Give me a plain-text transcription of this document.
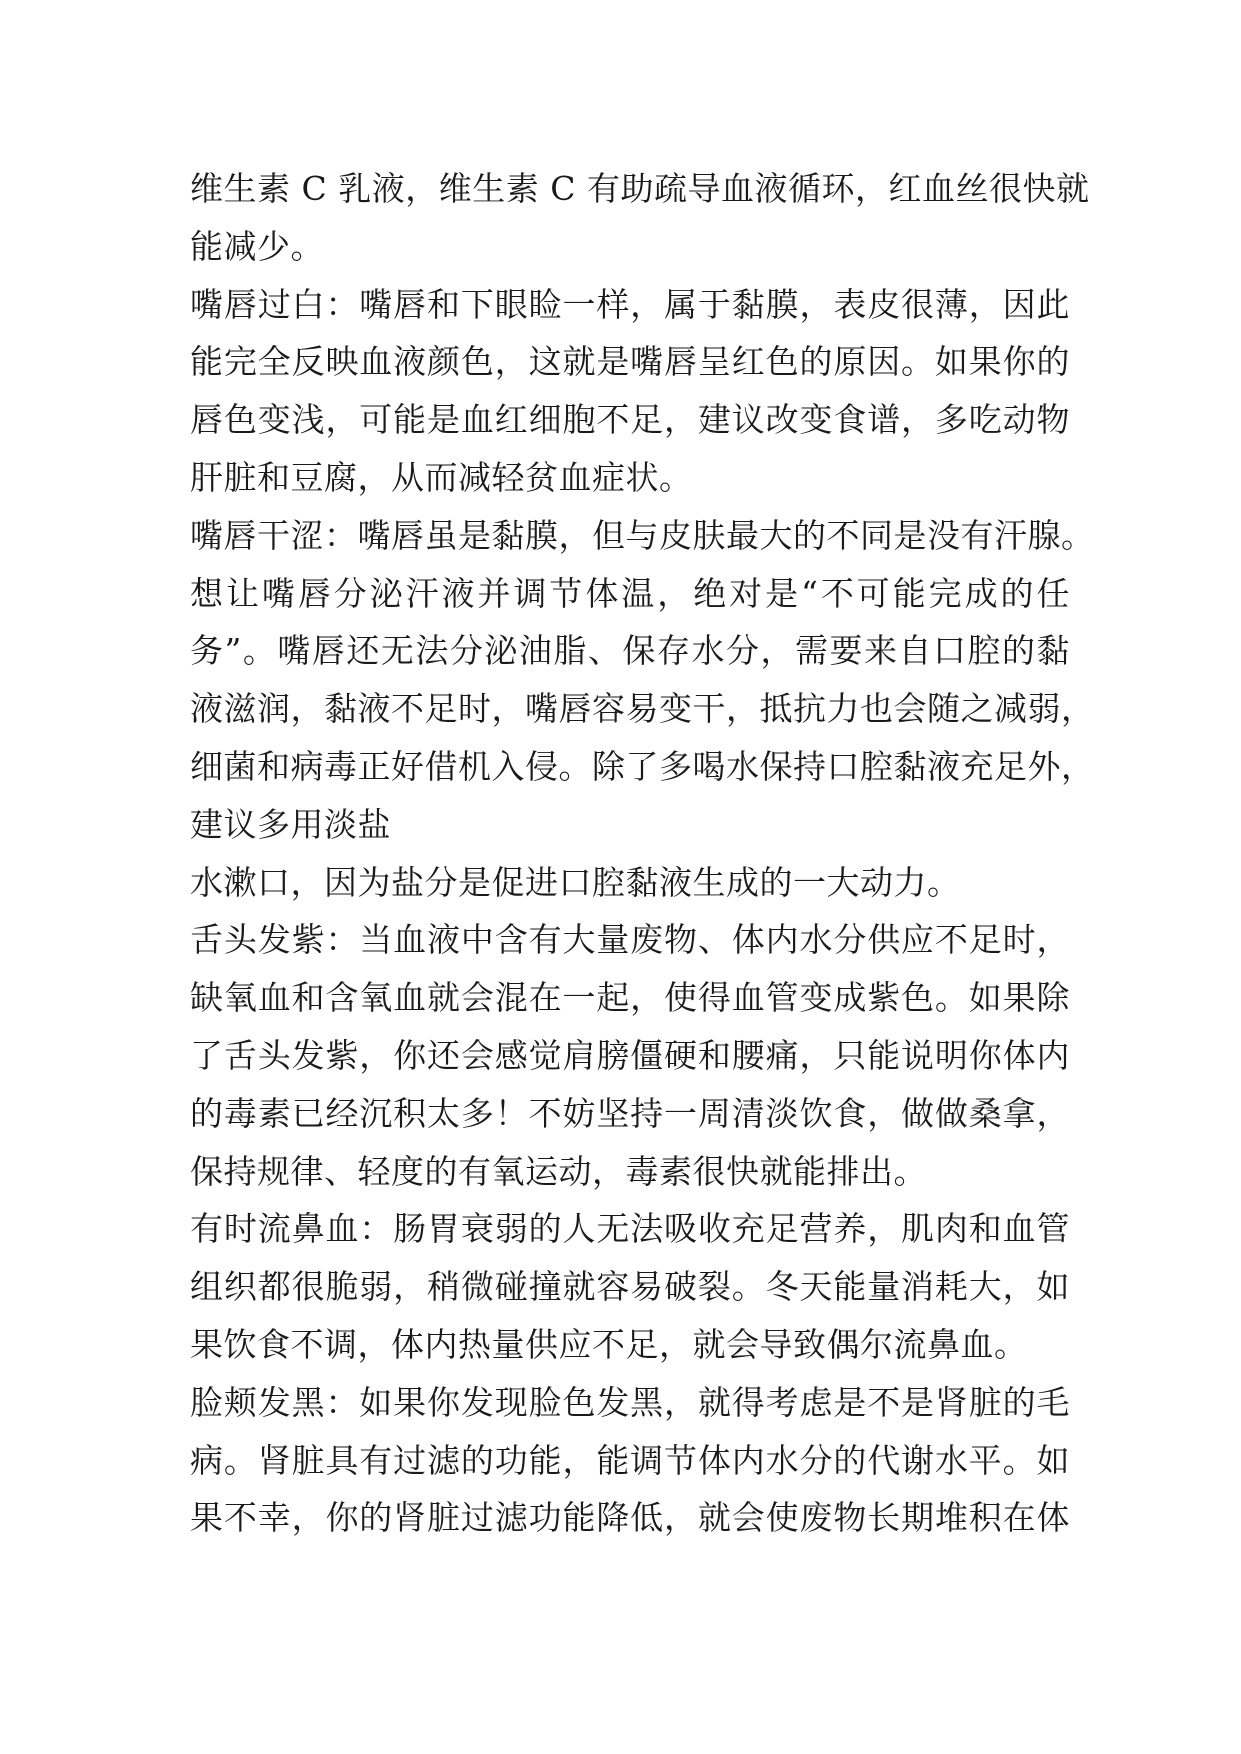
维生素 C 乳液，维生素 C 有助疏导血液循环，红血丝很快就
能减少。
嘴唇过白：嘴唇和下眼睑一样，属于黏膜，表皮很薄，因此
能完全反映血液颜色，这就是嘴唇呈红色的原因。如果你的
唇色变浅，可能是血红细胞不足，建议改变食谱，多吃动物
肝脏和豆腐，从而减轻贫血症状。
嘴唇干涩：嘴唇虽是黏膜，但与皮肤最大的不同是没有汗腺。
想让嘴唇分泌汗液并调节体温，绝对是“不可能完成的任
务”。嘴唇还无法分泌油脂、保存水分，需要来自口腔的黏
液滋润，黏液不足时，嘴唇容易变干，抵抗力也会随之减弱，
细菌和病毒正好借机入侵。除了多喝水保持口腔黏液充足外，
建议多用淡盐
水漱口，因为盐分是促进口腔黏液生成的一大动力。
舌头发紫：当血液中含有大量废物、体内水分供应不足时，
缺氧血和含氧血就会混在一起，使得血管变成紫色。如果除
了舌头发紫，你还会感觉肩膀僵硬和腰痛，只能说明你体内
的毒素已经沉积太多！不妨坚持一周清淡饮食，做做桑拿，
保持规律、轻度的有氧运动，毒素很快就能排出。
有时流鼻血：肠胃衰弱的人无法吸收充足营养，肌肉和血管
组织都很脆弱，稍微碰撞就容易破裂。冬天能量消耗大，如
果饮食不调，体内热量供应不足，就会导致偶尔流鼻血。
脸颊发黑：如果你发现脸色发黑，就得考虑是不是肾脏的毛
病。肾脏具有过滤的功能，能调节体内水分的代谢水平。如
果不幸，你的肾脏过滤功能降低，就会使废物长期堆积在体
